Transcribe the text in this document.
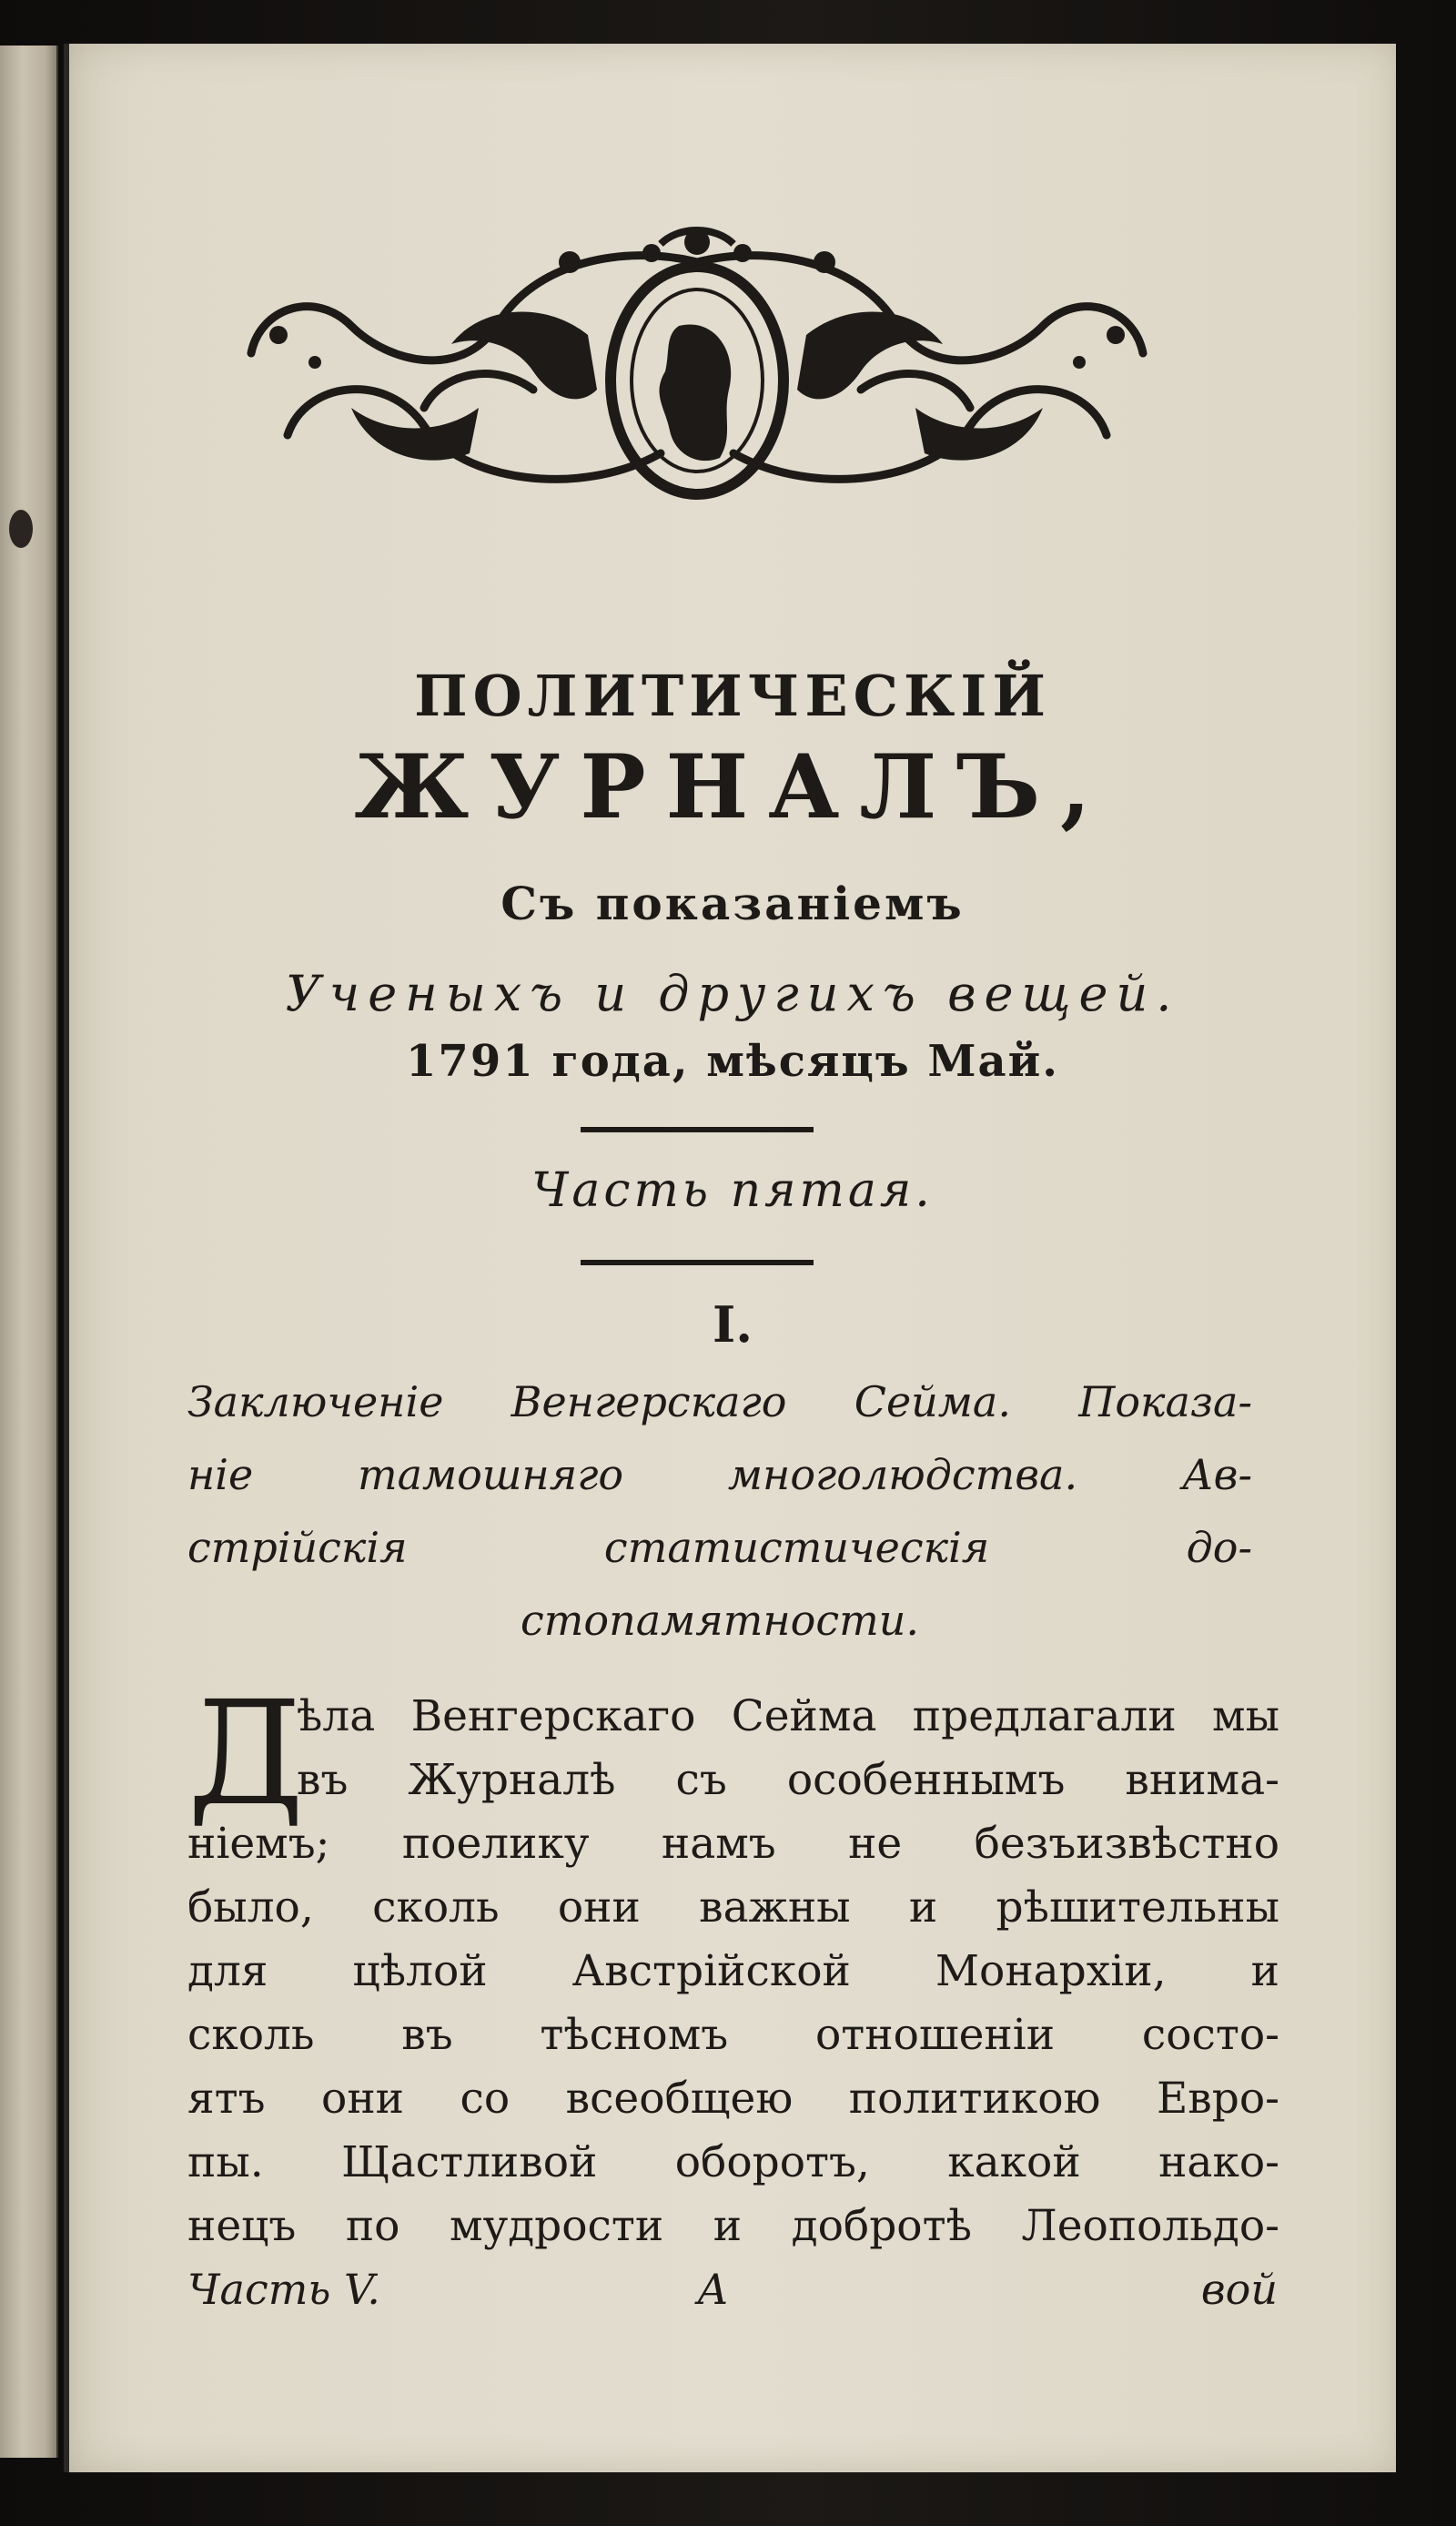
ПОЛИТИЧЕСКІЙ
ЖУРНАЛЪ,
Съ показаніемъ
Ученыхъ и другихъ вещей.
1791 года, мѣсяцъ Май.
Часть пятая.
I.
Заключеніе Венгерскаго Сейма. Показа-
ніе тамошняго многолюдства. Ав-
стрійскія статистическія до-
стопамятности.
Д
ѣла Венгерскаго Сейма предлагали мы
въ Журналѣ съ особеннымъ внима-
ніемъ; поелику намъ не безъизвѣстно
было, сколь они важны и рѣшительны
для цѣлой Австрійской Монархіи, и
сколь въ тѣсномъ отношеніи состо-
ятъ они со всеобщею политикою Евро-
пы. Щастливой оборотъ, какой нако-
нецъ по мудрости и добротѣ Леопольдо-
Часть V.	А	вой
